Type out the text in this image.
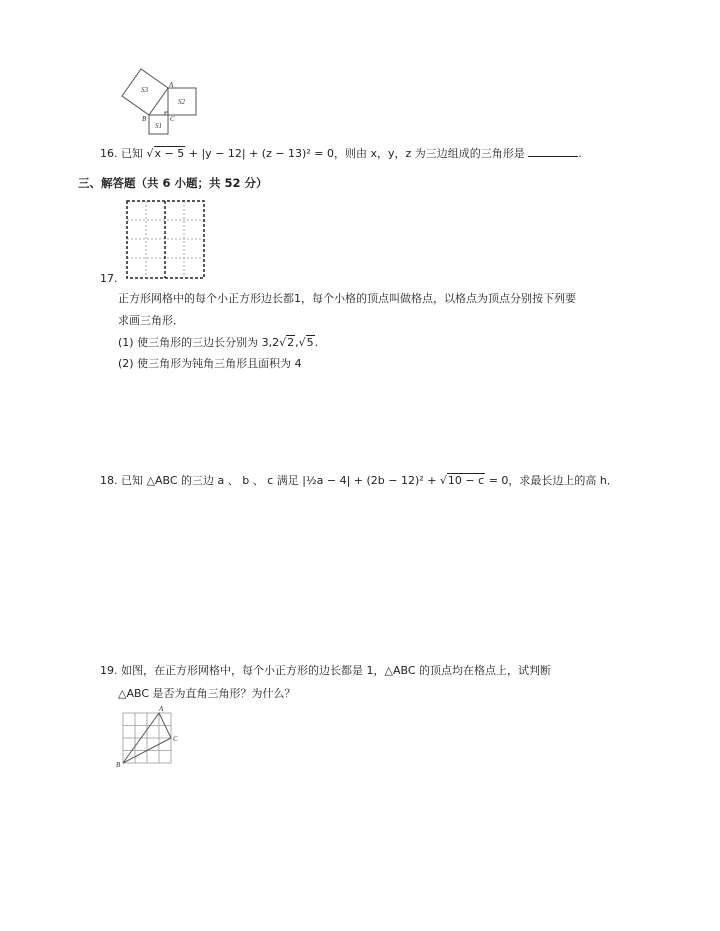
S3
S2
S1
A
B	C
16. 已知 √x − 5 + |y − 12| + (z − 13)² = 0，则由 x，y，z 为三边组成的三角形是	.
三、解答题（共 6 小题；共 52 分）
17.
正方形网格中的每个小正方形边长都1，每个小格的顶点叫做格点，以格点为顶点分别按下列要
求画三角形．
(1) 使三角形的三边长分别为 3,2√2,√5.
(2) 使三角形为钝角三角形且面积为 4
18. 已知 △ABC 的三边 a 、 b 、 c 满足 |½a − 4| + (2b − 12)² + √10 − c = 0，求最长边上的高 h．
19. 如图，在正方形网格中，每个小正方形的边长都是 1，△ABC 的顶点均在格点上，试判断
△ABC 是否为直角三角形？为什么？
A
B
C
